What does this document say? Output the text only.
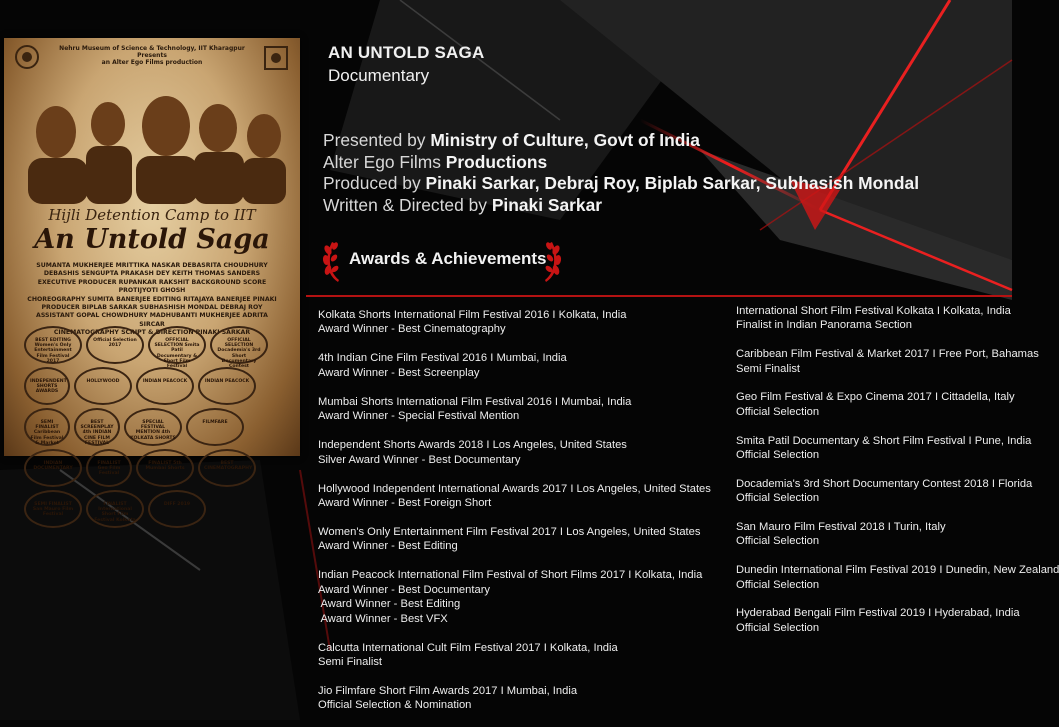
Nehru Museum of Science & Technology, IIT Kharagpur
Presents
an Alter Ego Films production
Hijli Detention Camp to IIT
An Untold Saga
SUMANTA MUKHERJEE MRITTIKA NASKAR DEBASRITA CHOUDHURY
DEBASHIS SENGUPTA PRAKASH DEY KEITH THOMAS SANDERS
EXECUTIVE PRODUCER RUPANKAR RAKSHIT BACKGROUND SCORE PROTIJYOTI GHOSH
CHOREOGRAPHY SUMITA BANERJEE EDITING RITAJAYA BANERJEE PINAKI
PRODUCER BIPLAB SARKAR SUBHASHISH MONDAL DEBRAJ ROY
ASSISTANT GOPAL CHOWDHURY MADHUBANTI MUKHERJEE ADRITA SIRCAR
CINEMATOGRAPHY SCRIPT & DIRECTION PINAKI SARKAR
BEST EDITING Women's Only Entertainment Film Festival 2017
Official Selection 2017
OFFICIAL SELECTION Smita Patil Documentary & Short Film Festival
OFFICIAL SELECTION Docademia's 3rd Short Documentary Contest
INDEPENDENT SHORTS AWARDS
HOLLYWOOD	INDIAN PEACOCK	INDIAN PEACOCK
SEMI FINALIST Caribbean Film Festival & Market
BEST SCREENPLAY 4th INDIAN CINE FILM FESTIVAL
SPECIAL FESTIVAL MENTION 4th KOLKATA SHORTS
FILMFARE
INDIAN DOCUMENTARY
FINALIST Geo Film Festival
FINALIST 5th Mumbai Shorts
BEST CINEMATOGRAPHY
SEMI FINALIST San Mauro Film Festival
FINALIST International Short Film Festival Kolkata
DIFF 2019
AN UNTOLD SAGA
Documentary
Presented by Ministry of Culture, Govt of India
Alter Ego Films Productions
Produced by Pinaki Sarkar, Debraj Roy, Biplab Sarkar, Subhasish Mondal
Written & Directed by Pinaki Sarkar
Awards & Achievements
Kolkata Shorts International Film Festival 2016 I Kolkata, India
Award Winner - Best Cinematography
4th Indian Cine Film Festival 2016 I Mumbai, India
Award Winner - Best Screenplay
Mumbai Shorts International Film Festival 2016 I Mumbai, India
Award Winner - Special Festival Mention
Independent Shorts Awards 2018 I Los Angeles, United States
Silver Award Winner - Best Documentary
Hollywood Independent International Awards 2017 I Los Angeles, United States
Award Winner - Best Foreign Short
Women's Only Entertainment Film Festival 2017 I Los Angeles, United States
Award Winner - Best Editing
Indian Peacock International Film Festival of Short Films 2017 I Kolkata, India
Award Winner - Best Documentary
Award Winner - Best Editing
Award Winner - Best VFX
Calcutta International Cult Film Festival 2017 I Kolkata, India
Semi Finalist
Jio Filmfare Short Film Awards 2017 I Mumbai, India
Official Selection & Nomination
International Short Film Festival Kolkata I Kolkata, India
Finalist in Indian Panorama Section
Caribbean Film Festival & Market 2017 I Free Port, Bahamas
Semi Finalist
Geo Film Festival & Expo Cinema 2017 I Cittadella, Italy
Official Selection
Smita Patil Documentary & Short Film Festival I Pune, India
Official Selection
Docademia's 3rd Short Documentary Contest 2018 I Florida
Official Selection
San Mauro Film Festival 2018 I Turin, Italy
Official Selection
Dunedin International Film Festival 2019 I Dunedin, New Zealand
Official Selection
Hyderabad Bengali Film Festival 2019 I Hyderabad, India
Official Selection
